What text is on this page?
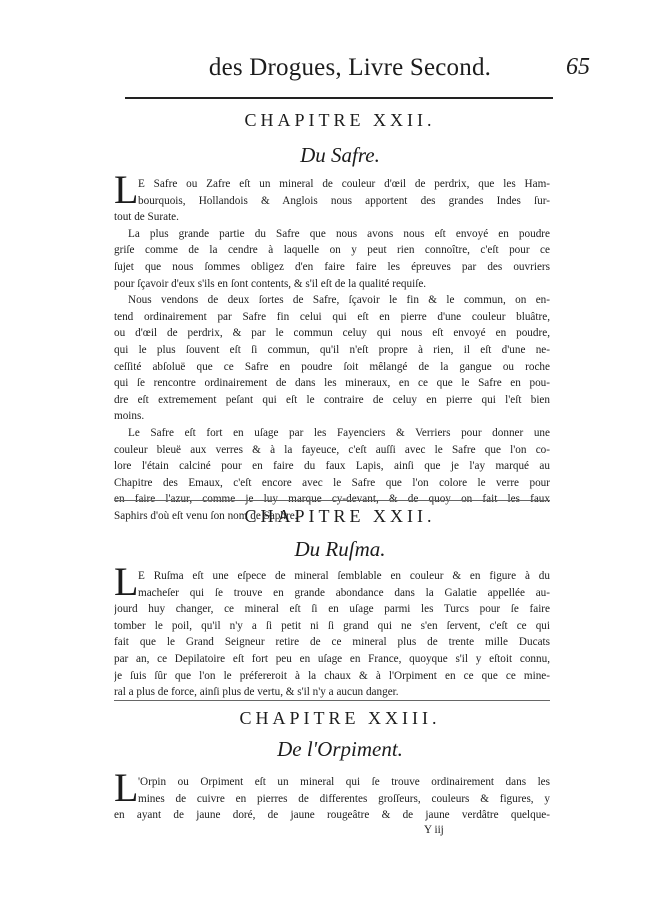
des Drogues, Livre Second.	65
CHAPITRE XXII.
Du Safre.
L E Safre ou Zafre eſt un mineral de couleur d'œil de perdrix, que les Ham-
bourquois, Hollandois & Anglois nous apportent des grandes Indes ſur-
tout de Surate.
La plus grande partie du Safre que nous avons nous eſt envoyé en poudre
griſe comme de la cendre à laquelle on y peut rien connoître, c'eſt pour ce
ſujet que nous ſommes obligez d'en faire faire les épreuves par des ouvriers
pour ſçavoir d'eux s'ils en ſont contents, & s'il eſt de la qualité requiſe.
Nous vendons de deux ſortes de Safre, ſçavoir le fin & le commun, on en-
tend ordinairement par Safre fin celui qui eſt en pierre d'une couleur bluâtre,
ou d'œil de perdrix, & par le commun celuy qui nous eſt envoyé en poudre,
qui le plus ſouvent eſt ſi commun, qu'il n'eſt propre à rien, il eſt d'une ne-
ceſſité abſoluë que ce Safre en poudre ſoit mêlangé de la gangue ou roche
qui ſe rencontre ordinairement de dans les mineraux, en ce que le Safre en pou-
dre eſt extremement peſant qui eſt le contraire de celuy en pierre qui l'eſt bien
moins.
Le Safre eſt fort en uſage par les Fayenciers & Verriers pour donner une
couleur bleuë aux verres & à la fayeuce, c'eſt auſſi avec le Safre que l'on co-
lore l'étain calciné pour en faire du faux Lapis, ainſi que je l'ay marqué au
Chapitre des Emaux, c'eſt encore avec le Safre que l'on colore le verre pour
en faire l'azur, comme je luy marque cy-devant, & de quoy on fait les faux
Saphirs d'où eſt venu ſon nom de Saphre.
CHAPITRE XXII.
Du Ruſma.
L E Ruſma eſt une eſpece de mineral ſemblable en couleur & en figure à du
macheſer qui ſe trouve en grande abondance dans la Galatie appellée au-
jourd huy changer, ce mineral eſt ſi en uſage parmi les Turcs pour ſe faire
tomber le poil, qu'il n'y a ſi petit ni ſi grand qui ne s'en ſervent, c'eſt ce qui
fait que le Grand Seigneur retire de ce mineral plus de trente mille Ducats
par an, ce Depilatoire eſt fort peu en uſage en France, quoyque s'il y eſtoit connu,
je ſuis ſûr que l'on le préfereroit à la chaux & à l'Orpiment en ce que ce mine-
ral a plus de force, ainſi plus de vertu, & s'il n'y a aucun danger.
CHAPITRE XXIII.
De l'Orpiment.
L 'Orpin ou Orpiment eſt un mineral qui ſe trouve ordinairement dans les
mines de cuivre en pierres de differentes groſſeurs, couleurs & figures, y
en ayant de jaune doré, de jaune rougeâtre & de jaune verdâtre quelque-
Y iij
